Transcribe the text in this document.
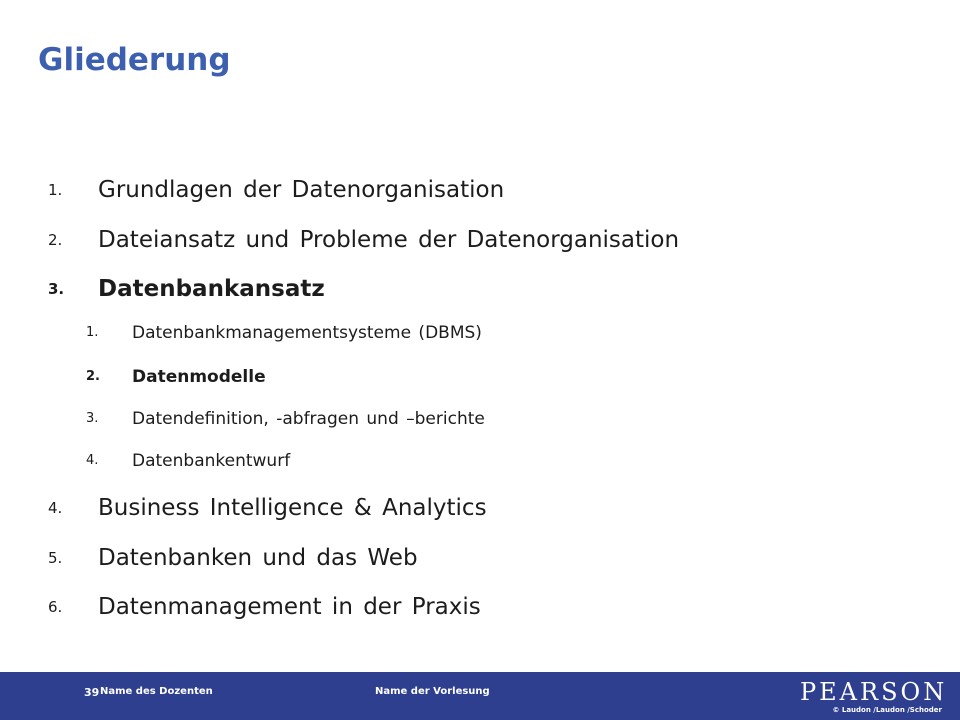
Gliederung
1.	Grundlagen der Datenorganisation
2.	Dateiansatz und Probleme der Datenorganisation
3.	Datenbankansatz
1.	Datenbankmanagementsysteme (DBMS)
2.	Datenmodelle
3.	Datendefinition, -abfragen und –berichte
4.	Datenbankentwurf
4.	Business Intelligence & Analytics
5.	Datenbanken und das Web
6.	Datenmanagement in der Praxis
39 Name des Dozenten	Name der Vorlesung	PEARSON
© Laudon /Laudon /Schoder
